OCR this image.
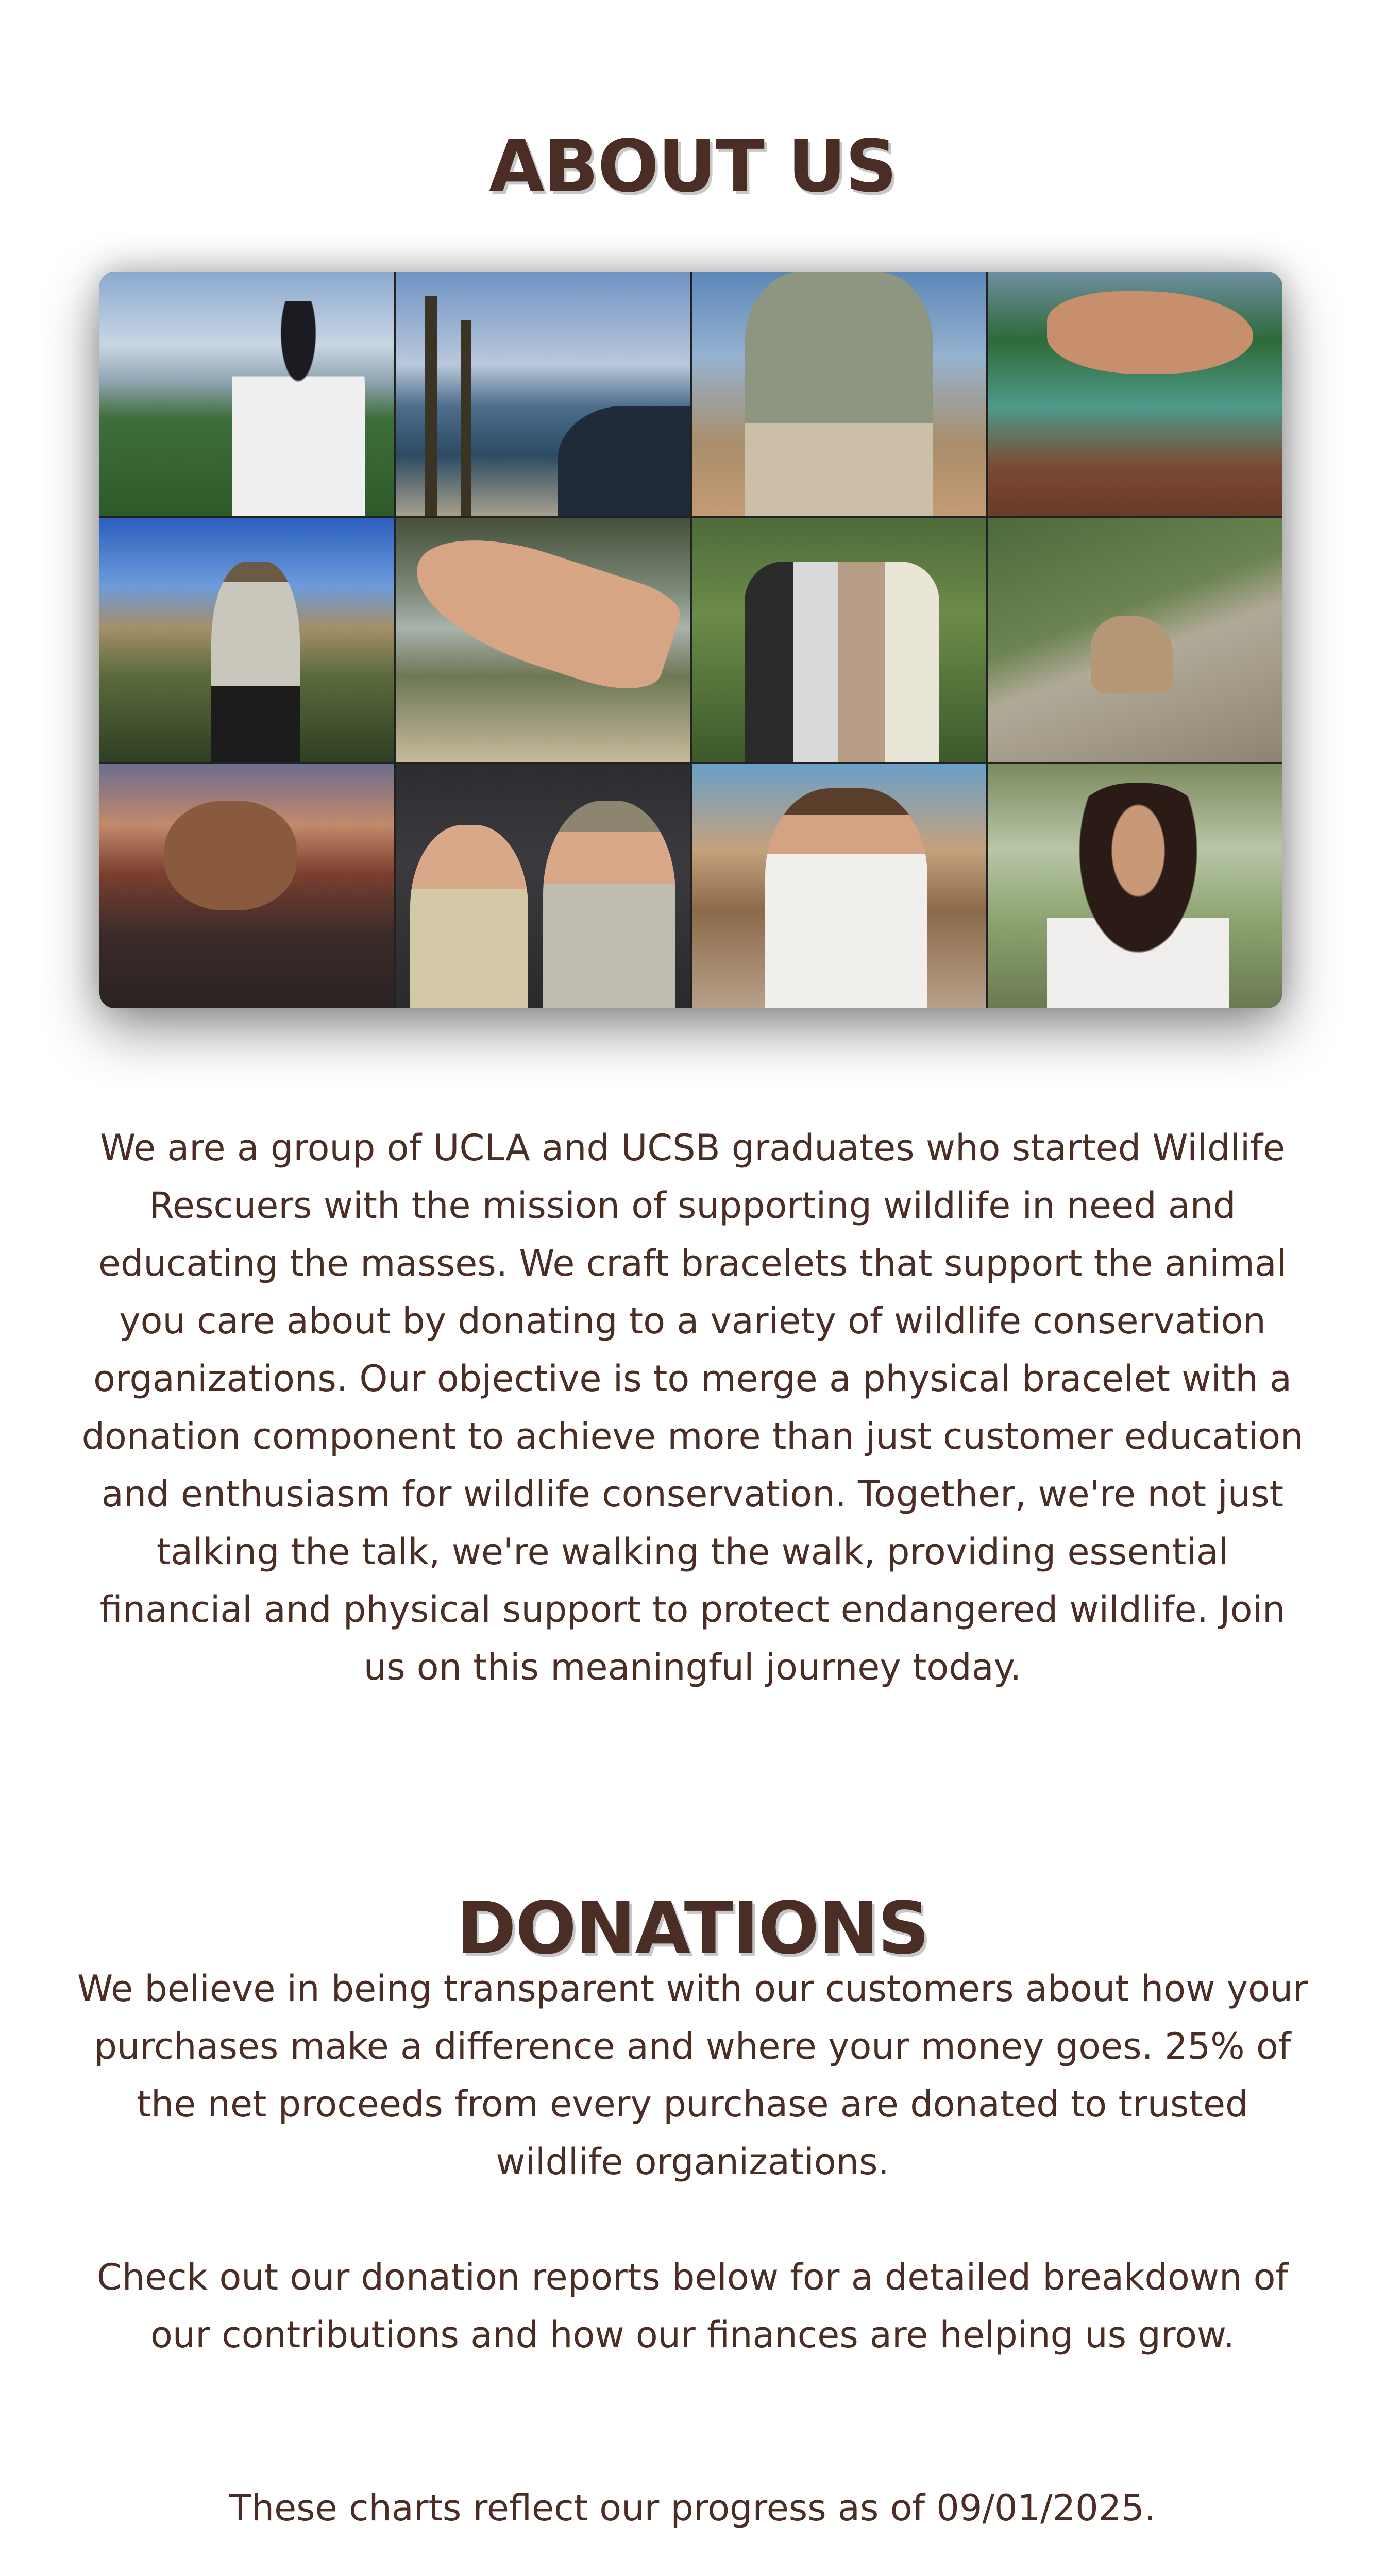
ABOUT US

We are a group of UCLA and UCSB graduates who started Wildlife Rescuers with the mission of supporting wildlife in need and educating the masses. We craft bracelets that support the animal you care about by donating to a variety of wildlife conservation organizations. Our objective is to merge a physical bracelet with a donation component to achieve more than just customer education and enthusiasm for wildlife conservation. Together, we're not just talking the talk, we're walking the walk, providing essential financial and physical support to protect endangered wildlife. Join us on this meaningful journey today.

DONATIONS

We believe in being transparent with our customers about how your purchases make a difference and where your money goes. 25% of the net proceeds from every purchase are donated to trusted wildlife organizations.

Check out our donation reports below for a detailed breakdown of our contributions and how our finances are helping us grow.

These charts reflect our progress as of 09/01/2025.
